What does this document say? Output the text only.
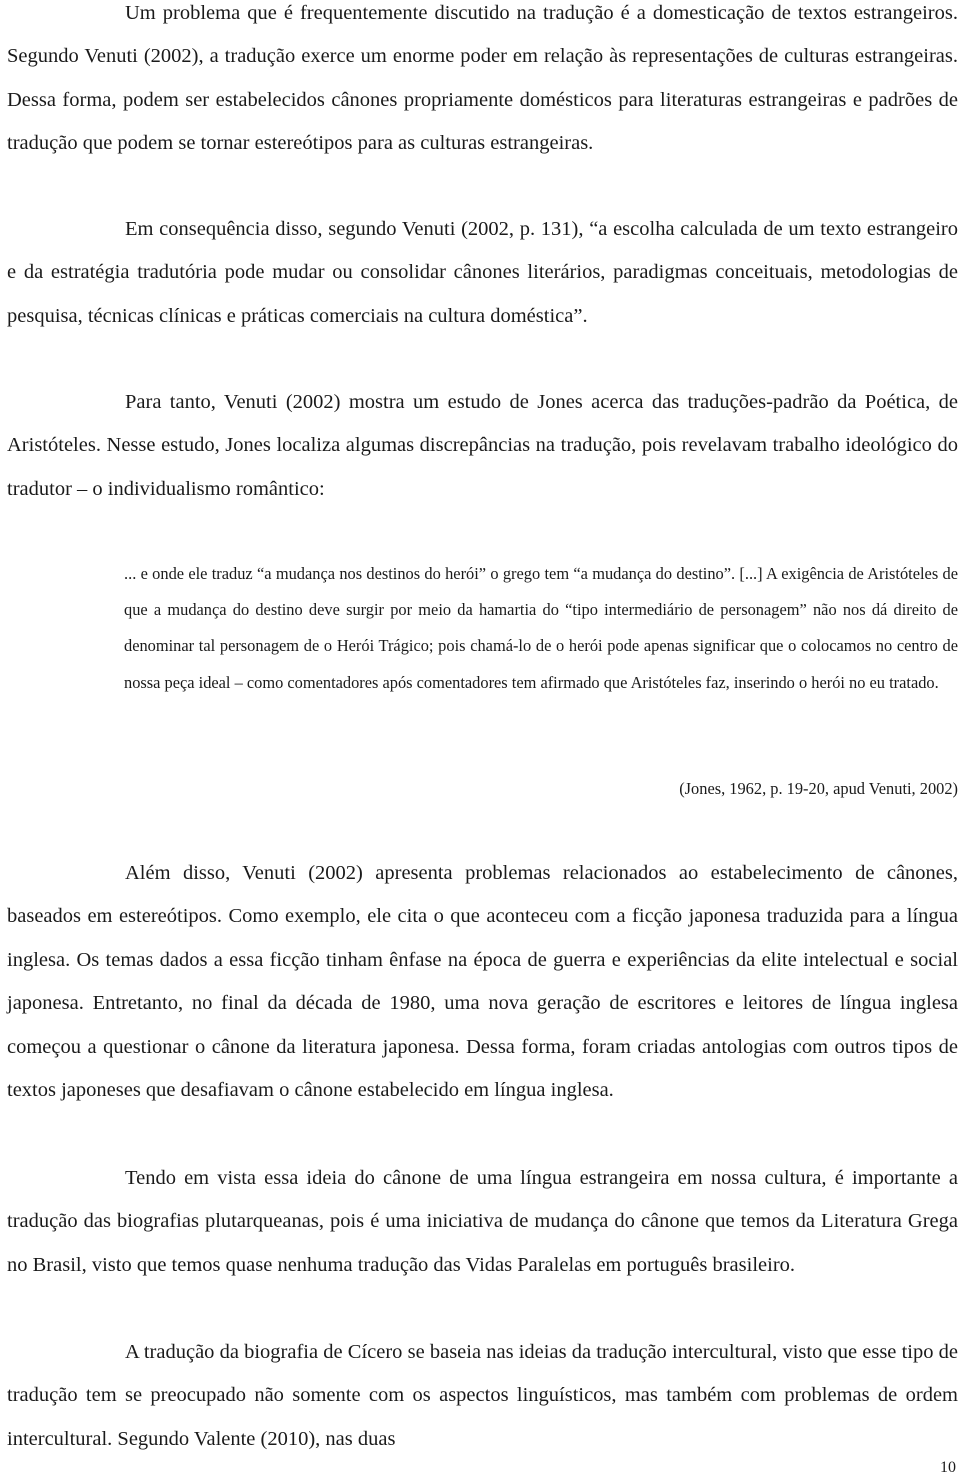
Um problema que é frequentemente discutido na tradução é a domesticação de textos estrangeiros. Segundo Venuti (2002), a tradução exerce um enorme poder em relação às representações de culturas estrangeiras. Dessa forma, podem ser estabelecidos cânones propriamente domésticos para literaturas estrangeiras e padrões de tradução que podem se tornar estereótipos para as culturas estrangeiras.

Em consequência disso, segundo Venuti (2002, p. 131), “a escolha calculada de um texto estrangeiro e da estratégia tradutória pode mudar ou consolidar cânones literários, paradigmas conceituais, metodologias de pesquisa, técnicas clínicas e práticas comerciais na cultura doméstica”.

Para tanto, Venuti (2002) mostra um estudo de Jones acerca das traduções-padrão da Poética, de Aristóteles. Nesse estudo, Jones localiza algumas discrepâncias na tradução, pois revelavam trabalho ideológico do tradutor – o individualismo romântico:

... e onde ele traduz “a mudança nos destinos do herói” o grego tem “a mudança do destino”. [...] A exigência de Aristóteles de que a mudança do destino deve surgir por meio da hamartia do “tipo intermediário de personagem” não nos dá direito de denominar tal personagem de o Herói Trágico; pois chamá-lo de o herói pode apenas significar que o colocamos no centro de nossa peça ideal – como comentadores após comentadores tem afirmado que Aristóteles faz, inserindo o herói no eu tratado.

(Jones, 1962, p. 19-20, apud Venuti, 2002)

Além disso, Venuti (2002) apresenta problemas relacionados ao estabelecimento de cânones, baseados em estereótipos. Como exemplo, ele cita o que aconteceu com a ficção japonesa traduzida para a língua inglesa. Os temas dados a essa ficção tinham ênfase na época de guerra e experiências da elite intelectual e social japonesa. Entretanto, no final da década de 1980, uma nova geração de escritores e leitores de língua inglesa começou a questionar o cânone da literatura japonesa. Dessa forma, foram criadas antologias com outros tipos de textos japoneses que desafiavam o cânone estabelecido em língua inglesa.

Tendo em vista essa ideia do cânone de uma língua estrangeira em nossa cultura, é importante a tradução das biografias plutarqueanas, pois é uma iniciativa de mudança do cânone que temos da Literatura Grega no Brasil, visto que temos quase nenhuma tradução das Vidas Paralelas em português brasileiro.

A tradução da biografia de Cícero se baseia nas ideias da tradução intercultural, visto que esse tipo de tradução tem se preocupado não somente com os aspectos linguísticos, mas também com problemas de ordem intercultural. Segundo Valente (2010), nas duas

10
